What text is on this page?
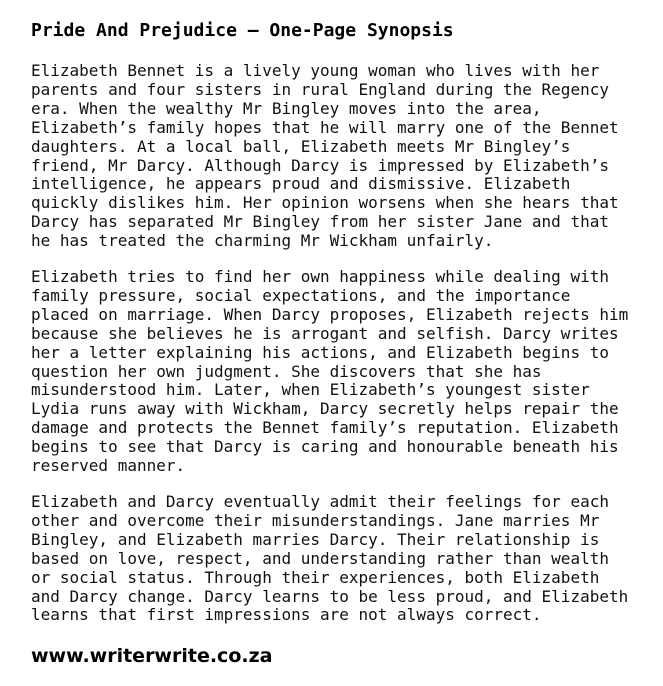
Pride And Prejudice – One-Page Synopsis

Elizabeth Bennet is a lively young woman who lives with her
parents and four sisters in rural England during the Regency
era. When the wealthy Mr Bingley moves into the area,
Elizabeth’s family hopes that he will marry one of the Bennet
daughters. At a local ball, Elizabeth meets Mr Bingley’s
friend, Mr Darcy. Although Darcy is impressed by Elizabeth’s
intelligence, he appears proud and dismissive. Elizabeth
quickly dislikes him. Her opinion worsens when she hears that
Darcy has separated Mr Bingley from her sister Jane and that
he has treated the charming Mr Wickham unfairly.

Elizabeth tries to find her own happiness while dealing with
family pressure, social expectations, and the importance
placed on marriage. When Darcy proposes, Elizabeth rejects him
because she believes he is arrogant and selfish. Darcy writes
her a letter explaining his actions, and Elizabeth begins to
question her own judgment. She discovers that she has
misunderstood him. Later, when Elizabeth’s youngest sister
Lydia runs away with Wickham, Darcy secretly helps repair the
damage and protects the Bennet family’s reputation. Elizabeth
begins to see that Darcy is caring and honourable beneath his
reserved manner.

Elizabeth and Darcy eventually admit their feelings for each
other and overcome their misunderstandings. Jane marries Mr
Bingley, and Elizabeth marries Darcy. Their relationship is
based on love, respect, and understanding rather than wealth
or social status. Through their experiences, both Elizabeth
and Darcy change. Darcy learns to be less proud, and Elizabeth
learns that first impressions are not always correct.

www.writerwrite.co.za
